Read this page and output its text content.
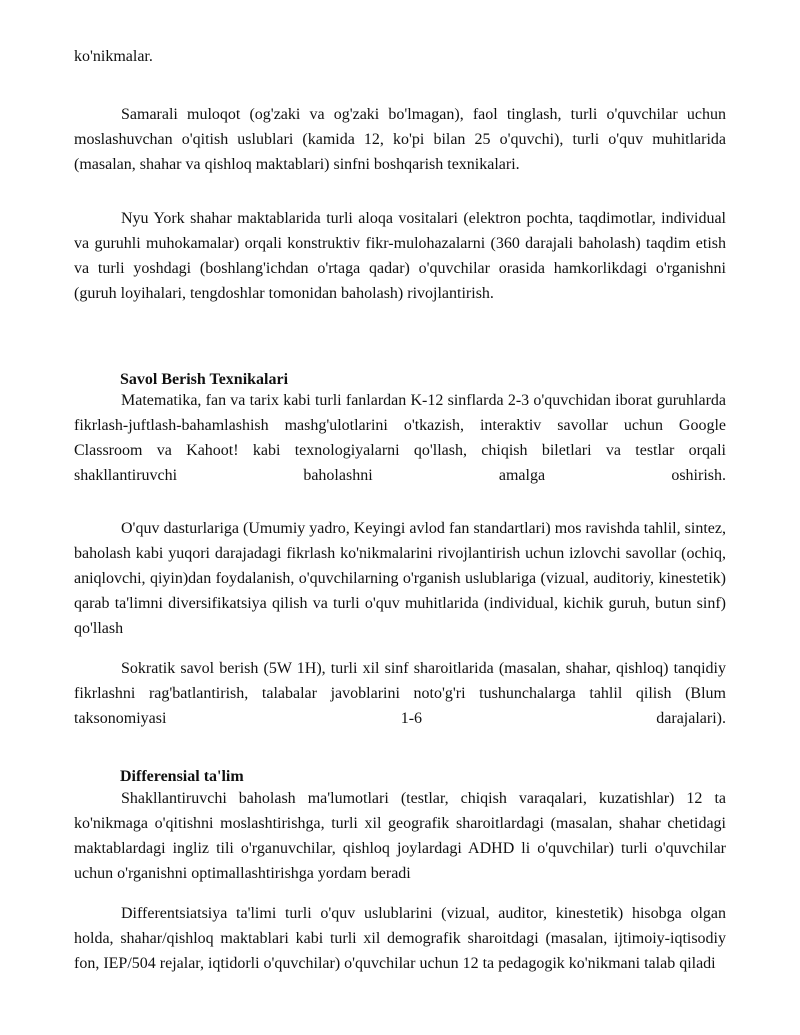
ko'nikmalar.

Samarali muloqot (og'zaki va og'zaki bo'lmagan), faol tinglash, turli o'quvchilar uchun moslashuvchan o'qitish uslublari (kamida 12, ko'pi bilan 25 o'quvchi), turli o'quv muhitlarida (masalan, shahar va qishloq maktablari) sinfni boshqarish texnikalari.

Nyu York shahar maktablarida turli aloqa vositalari (elektron pochta, taqdimotlar, individual va guruhli muhokamalar) orqali konstruktiv fikr-mulohazalarni (360 darajali baholash) taqdim etish va turli yoshdagi (boshlang'ichdan o'rtaga qadar) o'quvchilar orasida hamkorlikdagi o'rganishni (guruh loyihalari, tengdoshlar tomonidan baholash) rivojlantirish.

Savol Berish Texnikalari

Matematika, fan va tarix kabi turli fanlardan K-12 sinflarda 2-3 o'quvchidan iborat guruhlarda fikrlash-juftlash-bahamlashish mashg'ulotlarini o'tkazish, interaktiv savollar uchun Google Classroom va Kahoot! kabi texnologiyalarni qo'llash, chiqish biletlari va testlar orqali shakllantiruvchi baholashni amalga oshirish.

O'quv dasturlariga (Umumiy yadro, Keyingi avlod fan standartlari) mos ravishda tahlil, sintez, baholash kabi yuqori darajadagi fikrlash ko'nikmalarini rivojlantirish uchun izlovchi savollar (ochiq, aniqlovchi, qiyin)dan foydalanish, o'quvchilarning o'rganish uslublariga (vizual, auditoriy, kinestetik) qarab ta'limni diversifikatsiya qilish va turli o'quv muhitlarida (individual, kichik guruh, butun sinf) qo'llash

Sokratik savol berish (5W 1H), turli xil sinf sharoitlarida (masalan, shahar, qishloq) tanqidiy fikrlashni rag'batlantirish, talabalar javoblarini noto'g'ri tushunchalarga tahlil qilish (Blum taksonomiyasi 1-6 darajalari).

Differensial ta'lim

Shakllantiruvchi baholash ma'lumotlari (testlar, chiqish varaqalari, kuzatishlar) 12 ta ko'nikmaga o'qitishni moslashtirishga, turli xil geografik sharoitlardagi (masalan, shahar chetidagi maktablardagi ingliz tili o'rganuvchilar, qishloq joylardagi ADHD li o'quvchilar) turli o'quvchilar uchun o'rganishni optimallashtirishga yordam beradi

Differentsiatsiya ta'limi turli o'quv uslublarini (vizual, auditor, kinestetik) hisobga olgan holda, shahar/qishloq maktablari kabi turli xil demografik sharoitdagi (masalan, ijtimoiy-iqtisodiy fon, IEP/504 rejalar, iqtidorli o'quvchilar) o'quvchilar uchun 12 ta pedagogik ko'nikmani talab qiladi
